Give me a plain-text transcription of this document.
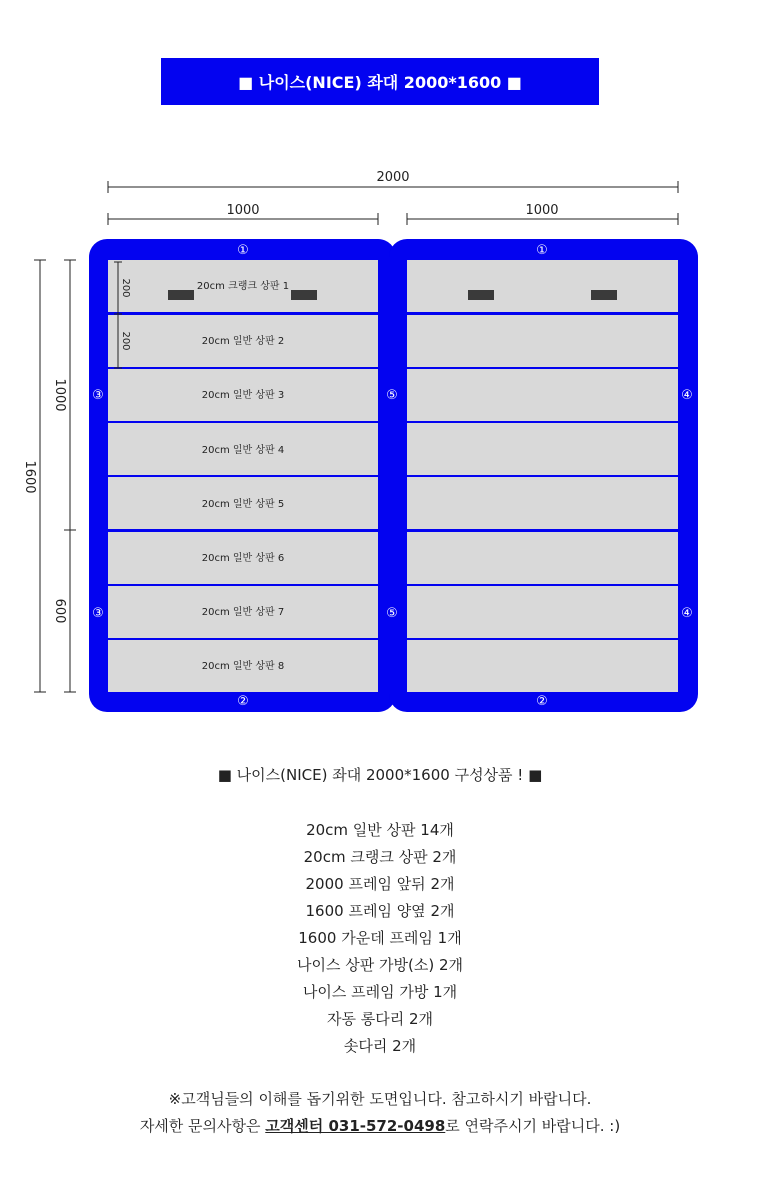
■ 나이스(NICE) 좌대 2000*1600 ■
2000
1000	1000
1600
1000
600
20cm 크랭크 상판 1
20cm 일반 상판 2
20cm 일반 상판 3
20cm 일반 상판 4
20cm 일반 상판 5
20cm 일반 상판 6
20cm 일반 상판 7
20cm 일반 상판 8
200
200
①	①
②	②
③
③
⑤
⑤
④
④
■ 나이스(NICE) 좌대 2000*1600 구성상품 ! ■
20cm 일반 상판 14개
20cm 크랭크 상판 2개
2000 프레임 앞뒤 2개
1600 프레임 양옆 2개
1600 가운데 프레임 1개
나이스 상판 가방(소) 2개
나이스 프레임 가방 1개
자동 롱다리 2개
솟다리 2개
※고객님들의 이해를 돕기위한 도면입니다. 참고하시기 바랍니다.
자세한 문의사항은 고객센터 031-572-0498로 연락주시기 바랍니다. :)
